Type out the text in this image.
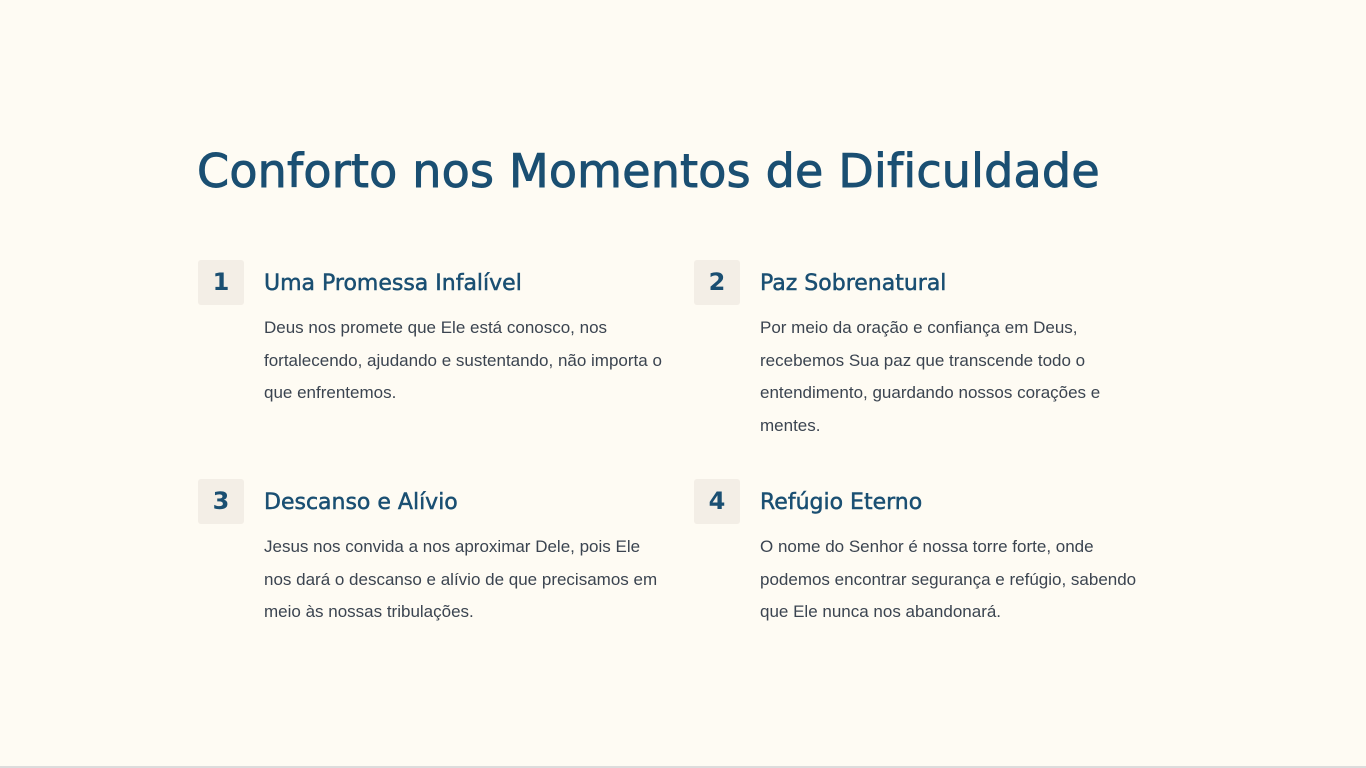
Conforto nos Momentos de Dificuldade
1	Uma Promessa Infalível

Deus nos promete que Ele está conosco, nos fortalecendo, ajudando e sustentando, não importa o que enfrentemos.

2	Paz Sobrenatural

Por meio da oração e confiança em Deus, recebemos Sua paz que transcende todo o entendimento, guardando nossos corações e mentes.

3	Descanso e Alívio

Jesus nos convida a nos aproximar Dele, pois Ele nos dará o descanso e alívio de que precisamos em meio às nossas tribulações.

4	Refúgio Eterno

O nome do Senhor é nossa torre forte, onde podemos encontrar segurança e refúgio, sabendo que Ele nunca nos abandonará.
